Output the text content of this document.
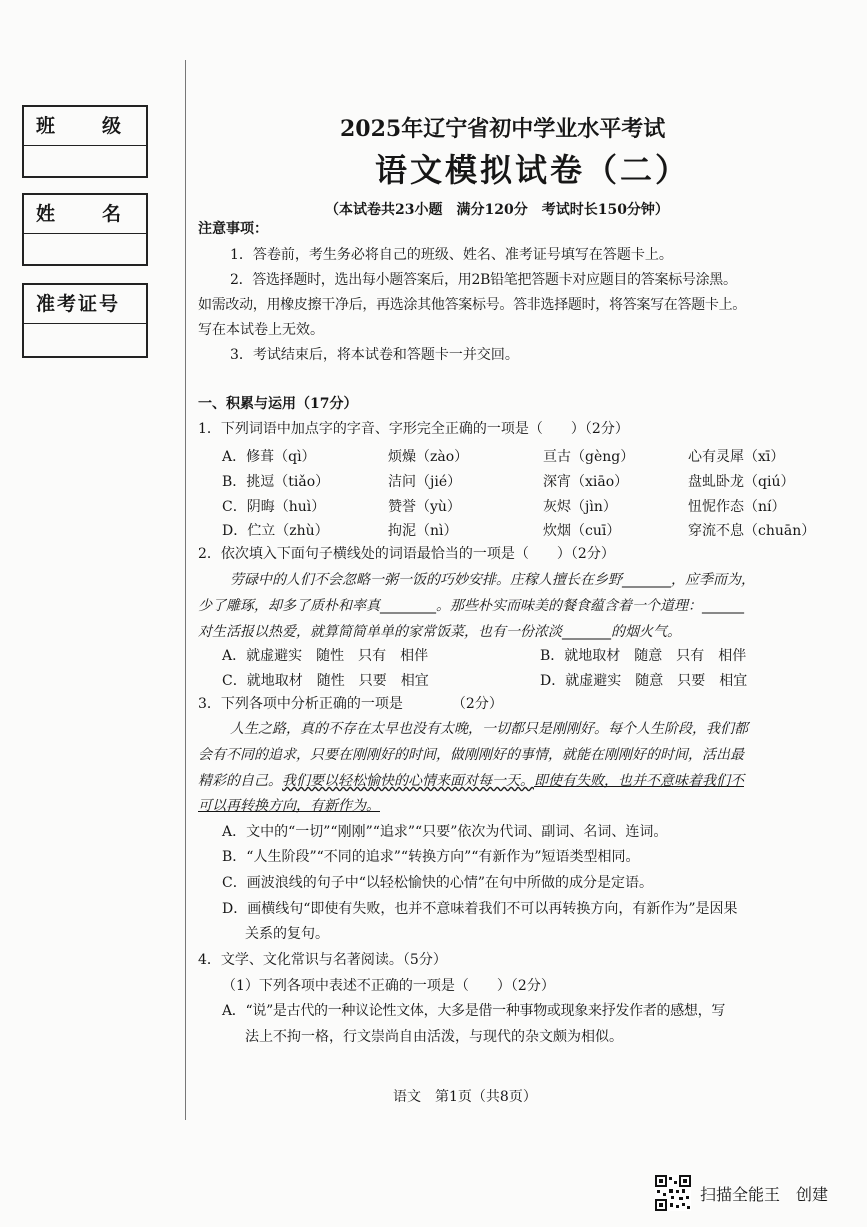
班　级
姓　名
准考证号
2025年辽宁省初中学业水平考试
语文模拟试卷（二）
（本试卷共23小题　满分120分　考试时长150分钟）
注意事项：
1．答卷前，考生务必将自己的班级、姓名、准考证号填写在答题卡上。
2．答选择题时，选出每小题答案后，用2B铅笔把答题卡对应题目的答案标号涂黑。
如需改动，用橡皮擦干净后，再选涂其他答案标号。答非选择题时，将答案写在答题卡上。
写在本试卷上无效。
3．考试结束后，将本试卷和答题卡一并交回。
一、积累与运用（17分）
1．下列词语中加点字的字音、字形完全正确的一项是（　　）（2分）
A．修葺（qì）	烦燥（zào）	亘古（gèng）	心有灵犀（xī）
B．挑逗（tiǎo）	洁问（jié）	深宵（xiāo）	盘虬卧龙（qiú）
C．阴晦（huì）	赞誉（yù）	灰烬（jìn）	忸怩作态（ní）
D．伫立（zhù）	拘泥（nì）	炊烟（cuī）	穿流不息（chuān）
2．依次填入下面句子横线处的词语最恰当的一项是（　　）（2分）
劳碌中的人们不会忽略一粥一饭的巧妙安排。庄稼人擅长在乡野_______，应季而为，
少了雕琢，却多了质朴和率真________。那些朴实而味美的餐食蕴含着一个道理：______
对生活报以热爱，就算简简单单的家常饭菜，也有一份浓淡_______的烟火气。
A．就虚避实　随性　只有　相伴	B．就地取材　随意　只有　相伴
C．就地取材　随性　只要　相宜	D．就虚避实　随意　只要　相宜
3．下列各项中分析正确的一项是　　　　（2分）
人生之路，真的不存在太早也没有太晚，一切都只是刚刚好。每个人生阶段，我们都
会有不同的追求，只要在刚刚好的时间，做刚刚好的事情，就能在刚刚好的时间，活出最
精彩的自己。我们要以轻松愉快的心情来面对每一天。即使有失败，也并不意味着我们不
可以再转换方向，有新作为。
A．文中的“一切”“刚刚”“追求”“只要”依次为代词、副词、名词、连词。
B．“人生阶段”“不同的追求”“转换方向”“有新作为”短语类型相同。
C．画波浪线的句子中“以轻松愉快的心情”在句中所做的成分是定语。
D．画横线句“即使有失败，也并不意味着我们不可以再转换方向，有新作为”是因果
关系的复句。
4．文学、文化常识与名著阅读。（5分）
（1）下列各项中表述不正确的一项是（　　）（2分）
A．“说”是古代的一种议论性文体，大多是借一种事物或现象来抒发作者的感想，写
法上不拘一格，行文崇尚自由活泼，与现代的杂文颇为相似。
语文　第1页（共8页）
扫描全能王　创建
